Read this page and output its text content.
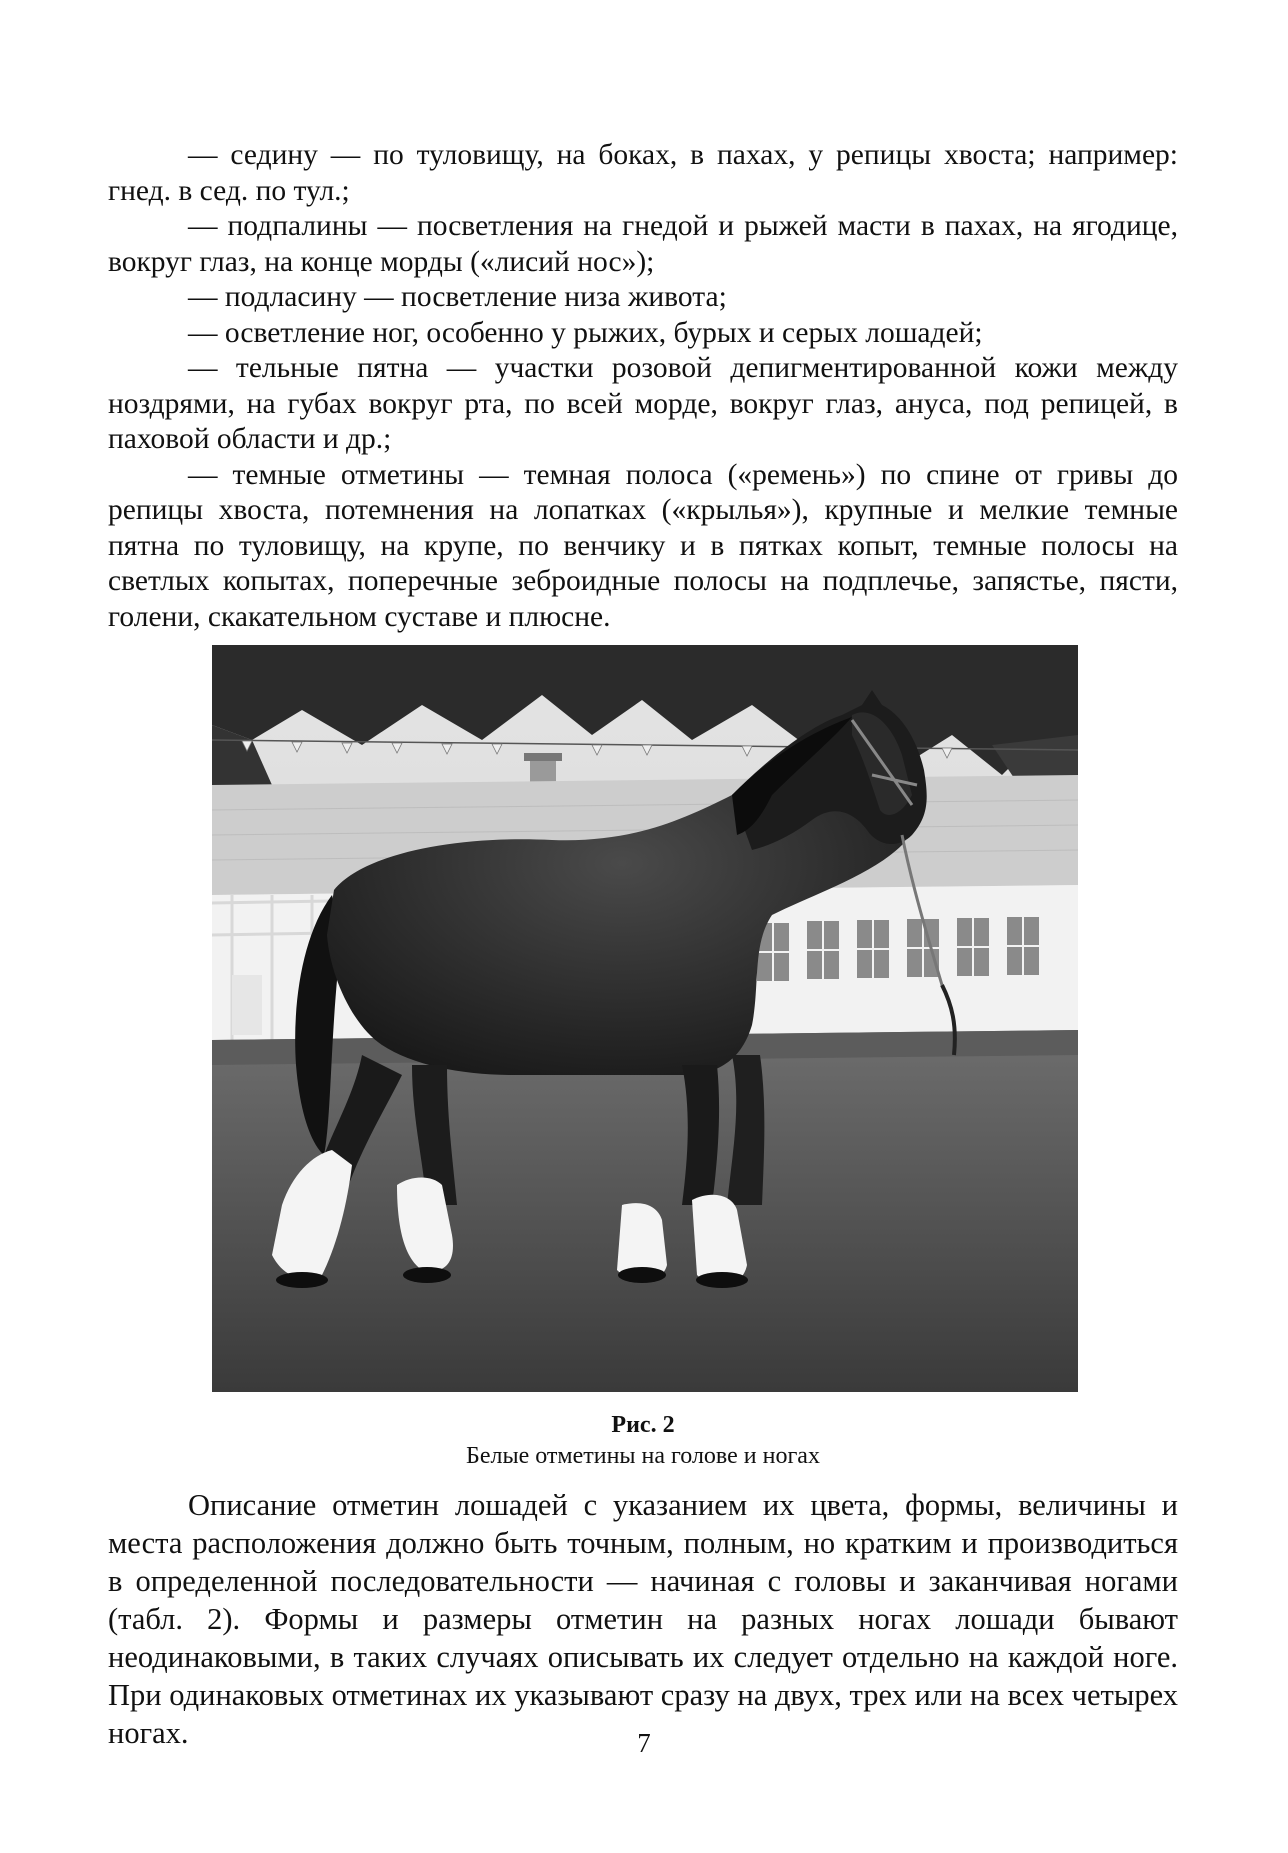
— седину — по туловищу, на боках, в пахах, у репицы хвоста; например: гнед. в сед. по тул.;

— подпалины — посветления на гнедой и рыжей масти в пахах, на ягодице, вокруг глаз, на конце морды («лисий нос»);

— подласину — посветление низа живота;

— осветление ног, особенно у рыжих, бурых и серых лошадей;

— тельные пятна — участки розовой депигментированной кожи между ноздрями, на губах вокруг рта, по всей морде, вокруг глаз, ануса, под репицей, в паховой области и др.;

— темные отметины — темная полоса («ремень») по спине от гривы до репицы хвоста, потемнения на лопатках («крылья»), крупные и мелкие темные пятна по туловищу, на крупе, по венчику и в пятках копыт, темные полосы на светлых копытах, поперечные зеброидные полосы на подплечье, запястье, пясти, голени, скакательном суставе и плюсне.

Рис. 2
Белые отметины на голове и ногах

Описание отметин лошадей с указанием их цвета, формы, величины и места расположения должно быть точным, полным, но кратким и производиться в определенной последовательности — начиная с головы и заканчивая ногами (табл. 2). Формы и размеры отметин на разных ногах лошади бывают неодинаковыми, в таких случаях описывать их следует отдельно на каждой ноге. При одинаковых отметинах их указывают сразу на двух, трех или на всех четырех ногах.	7
